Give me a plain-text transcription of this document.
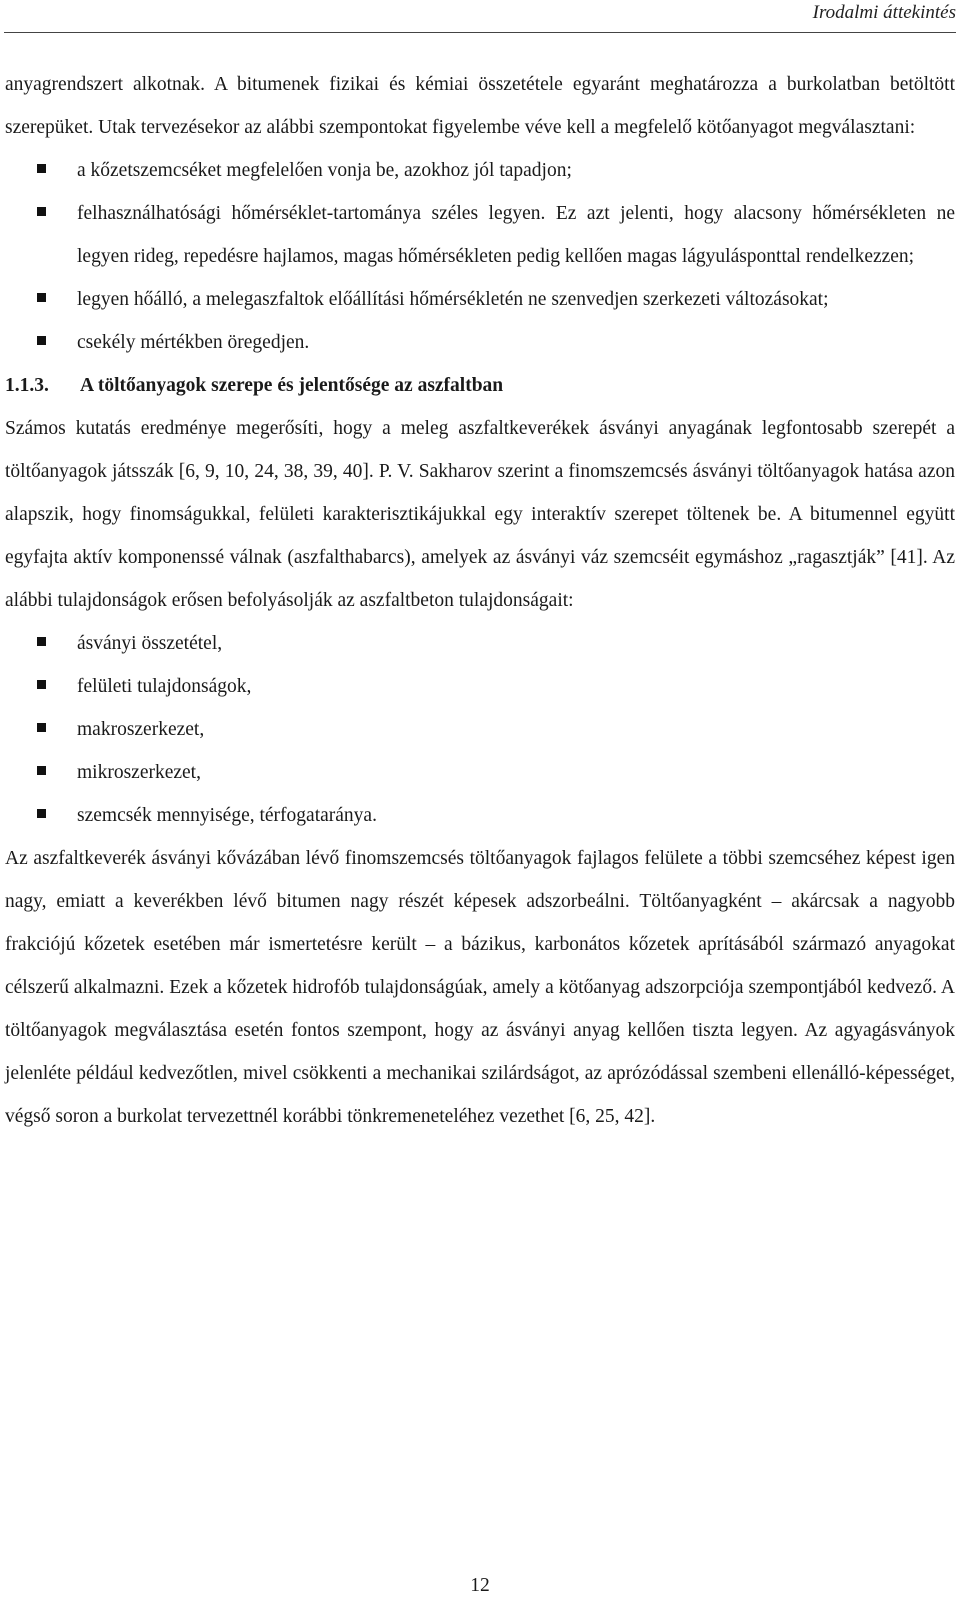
Irodalmi áttekintés

anyagrendszert alkotnak. A bitumenek fizikai és kémiai összetétele egyaránt meghatározza a burkolatban betöltött szerepüket. Utak tervezésekor az alábbi szempontokat figyelembe véve kell a megfelelő kötőanyagot megválasztani:

a kőzetszemcséket megfelelően vonja be, azokhoz jól tapadjon;
felhasználhatósági hőmérséklet-tartománya széles legyen. Ez azt jelenti, hogy alacsony hőmérsékleten ne legyen rideg, repedésre hajlamos, magas hőmérsékleten pedig kellően magas lágyulásponttal rendelkezzen;
legyen hőálló, a melegaszfaltok előállítási hőmérsékletén ne szenvedjen szerkezeti változásokat;
csekély mértékben öregedjen.
1.1.3. A töltőanyagok szerepe és jelentősége az aszfaltban

Számos kutatás eredménye megerősíti, hogy a meleg aszfaltkeverékek ásványi anyagának legfontosabb szerepét a töltőanyagok játsszák [6, 9, 10, 24, 38, 39, 40]. P. V. Sakharov szerint a finomszemcsés ásványi töltőanyagok hatása azon alapszik, hogy finomságukkal, felületi karakterisztikájukkal egy interaktív szerepet töltenek be. A bitumennel együtt egyfajta aktív komponenssé válnak (aszfalthabarcs), amelyek az ásványi váz szemcséit egymáshoz „ragasztják” [41]. Az alábbi tulajdonságok erősen befolyásolják az aszfaltbeton tulajdonságait:

ásványi összetétel,
felületi tulajdonságok,
makroszerkezet,
mikroszerkezet,
szemcsék mennyisége, térfogataránya.

Az aszfaltkeverék ásványi kővázában lévő finomszemcsés töltőanyagok fajlagos felülete a többi szemcséhez képest igen nagy, emiatt a keverékben lévő bitumen nagy részét képesek adszorbeálni. Töltőanyagként – akárcsak a nagyobb frakciójú kőzetek esetében már ismertetésre került – a bázikus, karbonátos kőzetek aprításából származó anyagokat célszerű alkalmazni. Ezek a kőzetek hidrofób tulajdonságúak, amely a kötőanyag adszorpciója szempontjából kedvező. A töltőanyagok megválasztása esetén fontos szempont, hogy az ásványi anyag kellően tiszta legyen. Az agyagásványok jelenléte például kedvezőtlen, mivel csökkenti a mechanikai szilárdságot, az aprózódással szembeni ellenálló-képességet, végső soron a burkolat tervezettnél korábbi tönkremeneteléhez vezethet [6, 25, 42].

12
